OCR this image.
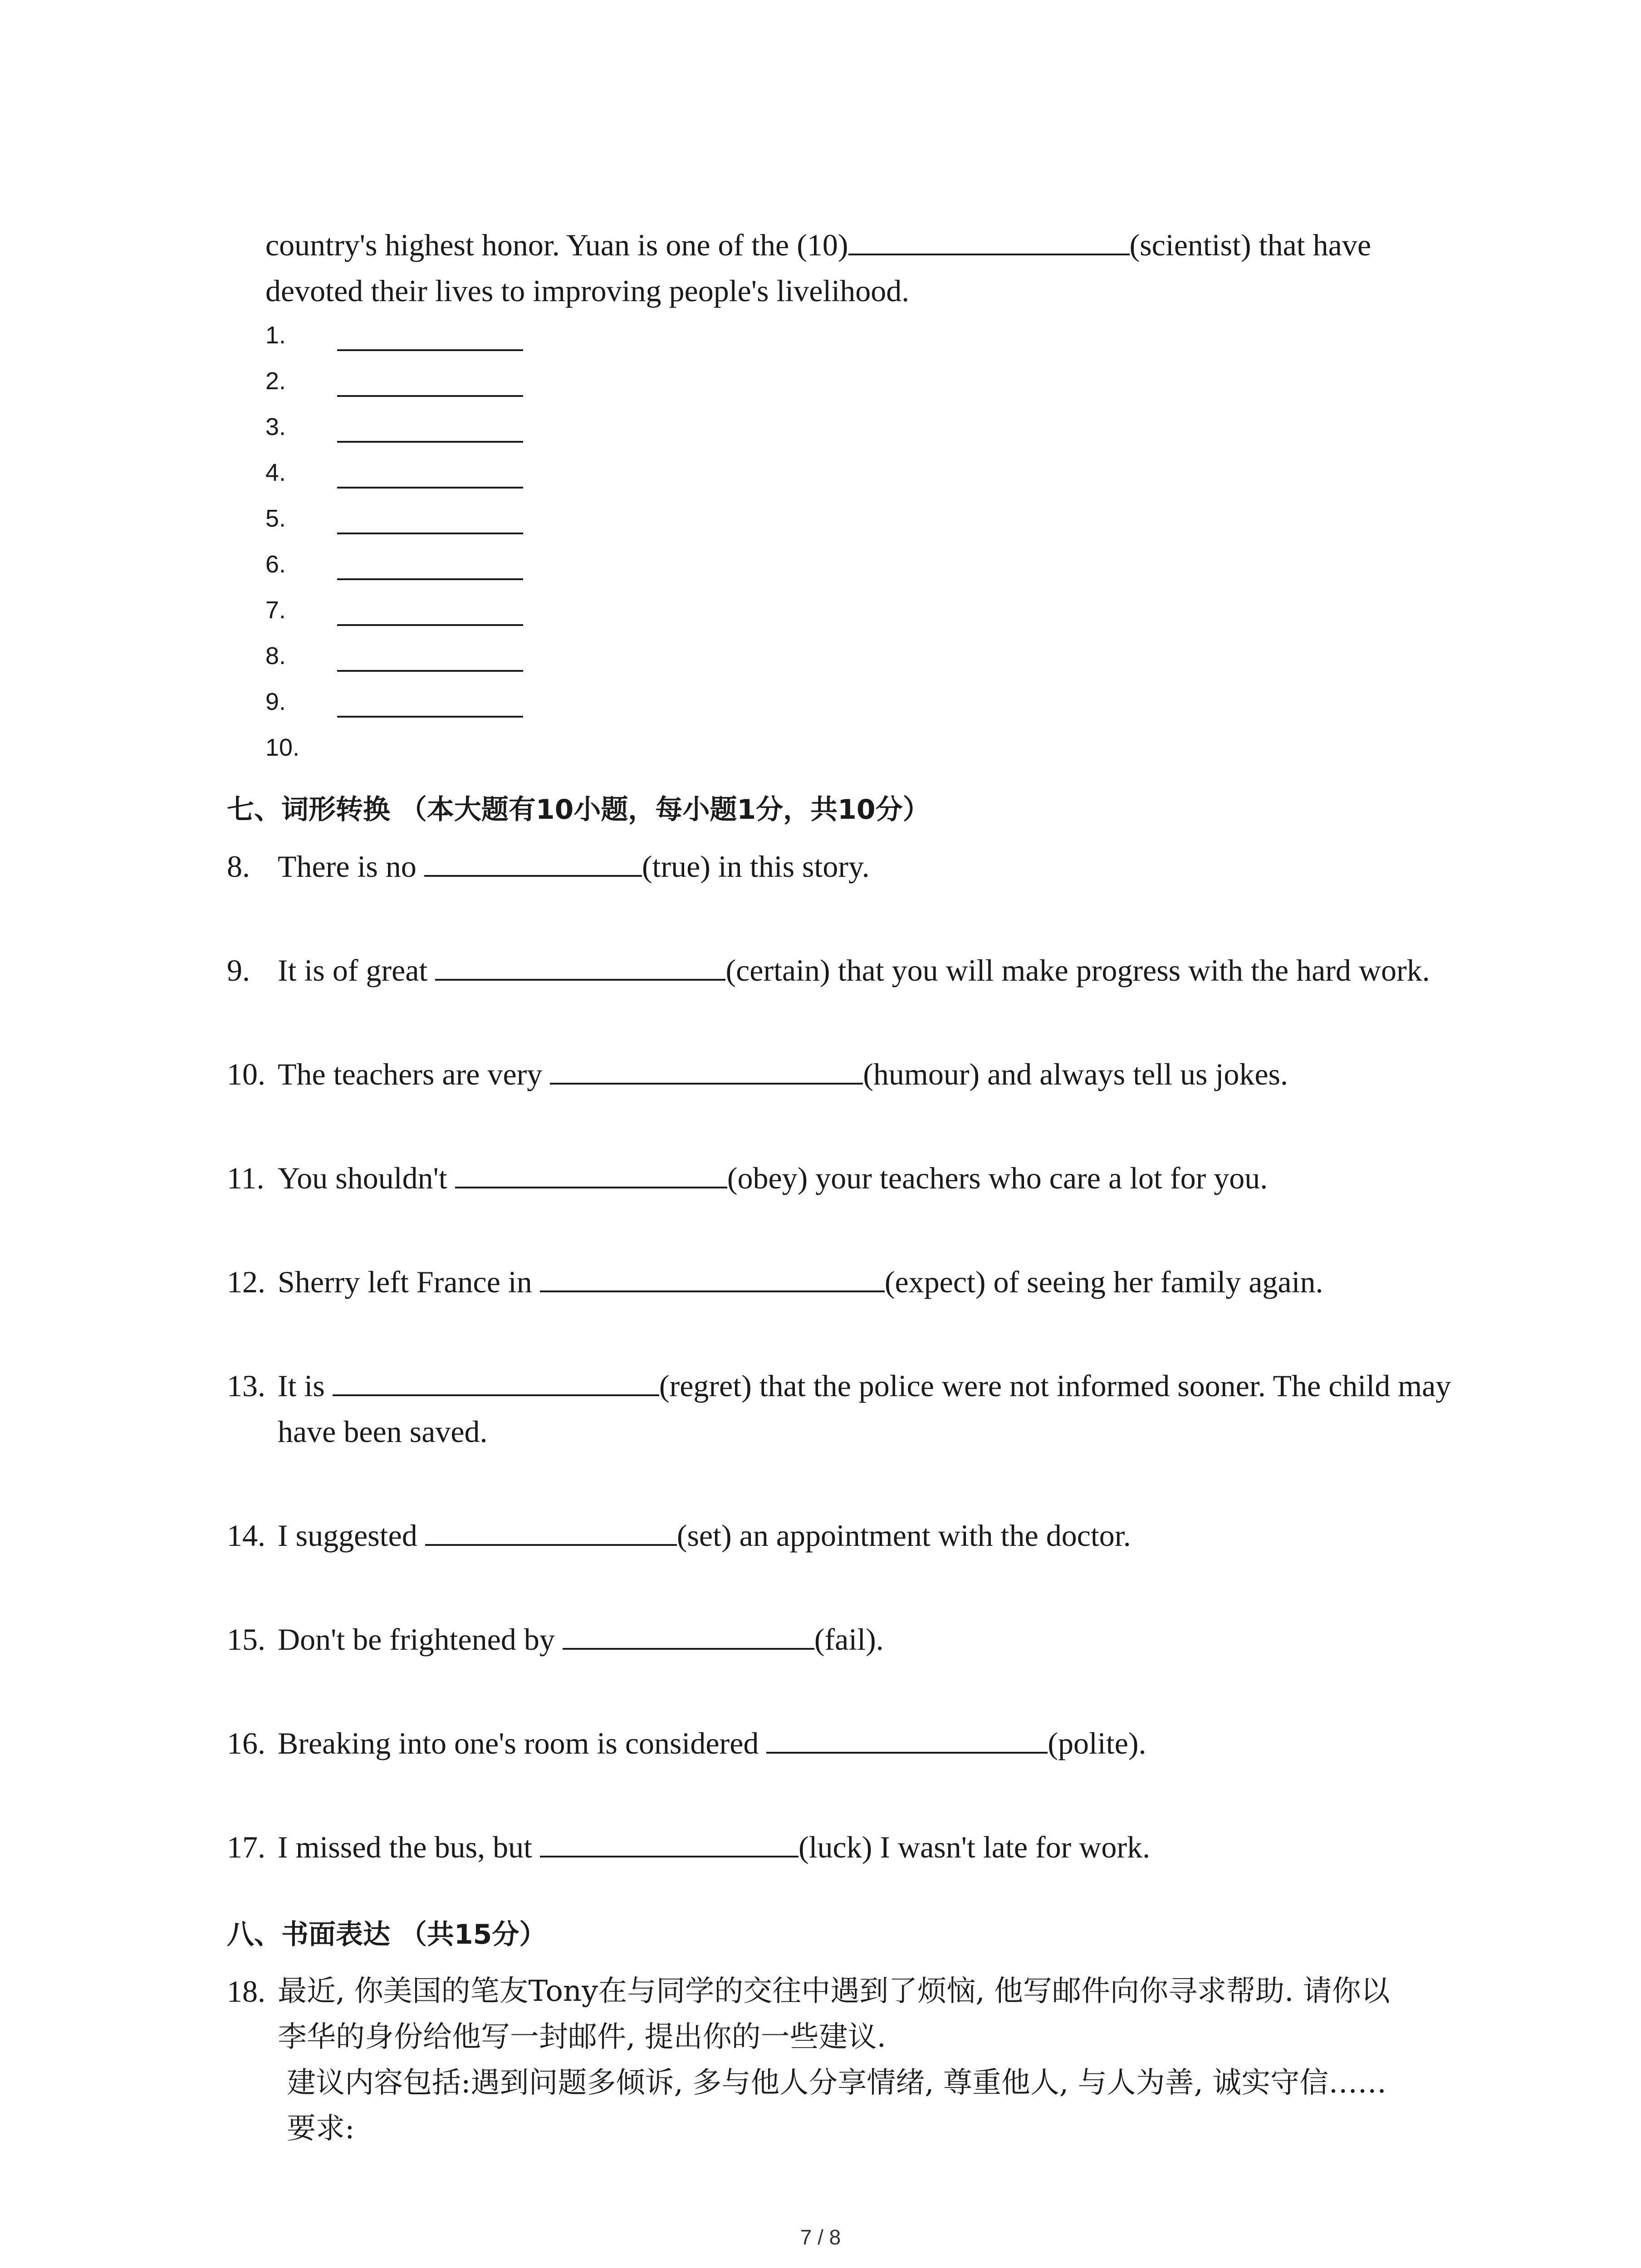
country's highest honor. Yuan is one of the (10)	(scientist) that have
devoted their lives to improving people's livelihood.
1.
2.
3.
4.
5.
6.
7.
8.
9.
10.
七、词形转换 （本大题有10小题，每小题1分，共10分）
8. There is no	(true) in this story.
9. It is of great	(certain) that you will make progress with the hard work.
10. The teachers are very	(humour) and always tell us jokes.
11. You shouldn't	(obey) your teachers who care a lot for you.
12. Sherry left France in	(expect) of seeing her family again.
13. It is	(regret) that the police were not informed sooner. The child may
have been saved.
14. I suggested	(set) an appointment with the doctor.
15. Don't be frightened by	(fail).
16. Breaking into one's room is considered	(polite).
17. I missed the bus, but	(luck) I wasn't late for work.
八、书面表达 （共15分）
18. 最近, 你美国的笔友Tony在与同学的交往中遇到了烦恼, 他写邮件向你寻求帮助. 请你以
李华的身份给他写一封邮件, 提出你的一些建议.
建议内容包括:遇到问题多倾诉, 多与他人分享情绪, 尊重他人, 与人为善, 诚实守信……
要求:
7 / 8
